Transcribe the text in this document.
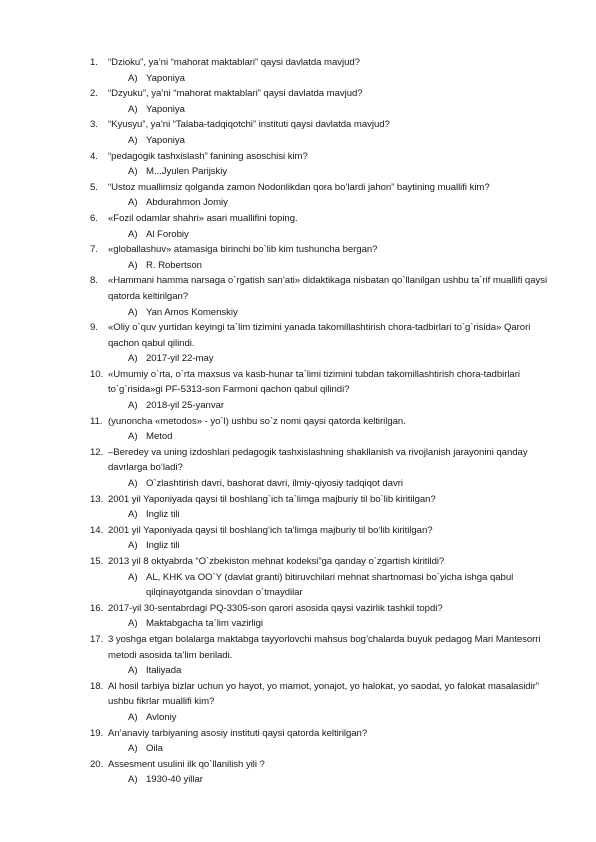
1.	“Dzioku”, ya’ni “mahorat maktablari” qaysi davlatda mavjud?
A) Yaponiya
2.	“Dzyuku”, ya’ni “mahorat maktablari” qaysi davlatda mavjud?
A) Yaponiya
3.	“Kyusyu”, ya’ni “Talaba-tadqiqotchi” instituti qaysi davlatda mavjud?
A) Yaponiya
4.	“pedagogik tashxislash” fanining asoschisi kim?
A) M...Jyulen Parijskiy
5.	“Ustoz muallimsiz qolganda zamon Nodonlikdan qora bo’lardi jahon” baytining muallifi kim?
A) Abdurahmon Jomiy
6.	«Fozil odamlar shahri» asari muallifini toping.
A) Al Forobiy
7.	«globallashuv» atamasiga birinchi bo`lib kim tushuncha bergan?
A) R. Robertson
8.	«Hammani hamma narsaga o`rgatish san’ati» didaktikaga nisbatan qo`llanilgan ushbu ta`rif muallifi qaysi qatorda keltirilgan?
A) Yan Amos Komenskiy
9.	«Oliy o`quv yurtidan keyingi ta`lim tizimini yanada takomillashtirish chora-tadbirlari to`g`risida» Qarori qachon qabul qilindi.
A) 2017-yil 22-may
10. «Umumiy o`rta, o`rta maxsus va kasb-hunar ta`limi tizimini tubdan takomillashtirish chora-tadbirlari to`g`risida»gi PF-5313-son Farmoni qachon qabul qilindi?
A) 2018-yil 25-yanvar
11. (yunoncha «metodos» - yo`l) ushbu so`z nomi qaysi qatorda keltirilgan.
A) Metod
12. –Beredey va uning izdoshlari pedagogik tashxislashning shakllanish va rivojlanish jarayonini qanday davrlarga bo‘ladi?
A) O`zlashtirish davri, bashorat davri, ilmiy-qiyosiy tadqiqot davri
13. 2001 yil Yaponiyada qaysi til boshlang`ich ta`limga majburiy til bo`lib kiritilgan?
A) Ingliz tili
14. 2001 yil Yaponiyada qaysi til boshlang‘ich ta‘limga majburiy til bo‘lib kiritilgan?
A) Ingliz tili
15. 2013 yil 8 oktyabrda “O`zbekiston mehnat kodeksi”ga qanday o`zgartish kiritildi?
A) AL, KHK va OO`Y (davlat granti) bitiruvchilari mehnat shartnomasi bo`yicha ishga qabul qilqinayotganda sinovdan o`tmaydilar
16. 2017-yil 30-sentabrdagi PQ-3305-son qarori asosida qaysi vazirlik tashkil topdi?
A) Maktabgacha ta`lim vazirligi
17. 3 yoshga etgan bolalarga maktabga tayyorlovchi mahsus bog’chalarda buyuk pedagog Mari Mantesorri metodi asosida ta’lim beriladi.
A) Italiyada
18. Al hosil tarbiya bizlar uchun yo hayot, yo mamot, yonajot, yo halokat, yo saodat, yo falokat masalasidir” ushbu fikrlar muallifi kim?
A) Avloniy
19. An’anaviy tarbiyaning asosiy instituti qaysi qatorda keltirilgan?
A) Oila
20. Assesment usulini ilk qo`llanilish yili ?
A) 1930-40 yillar
